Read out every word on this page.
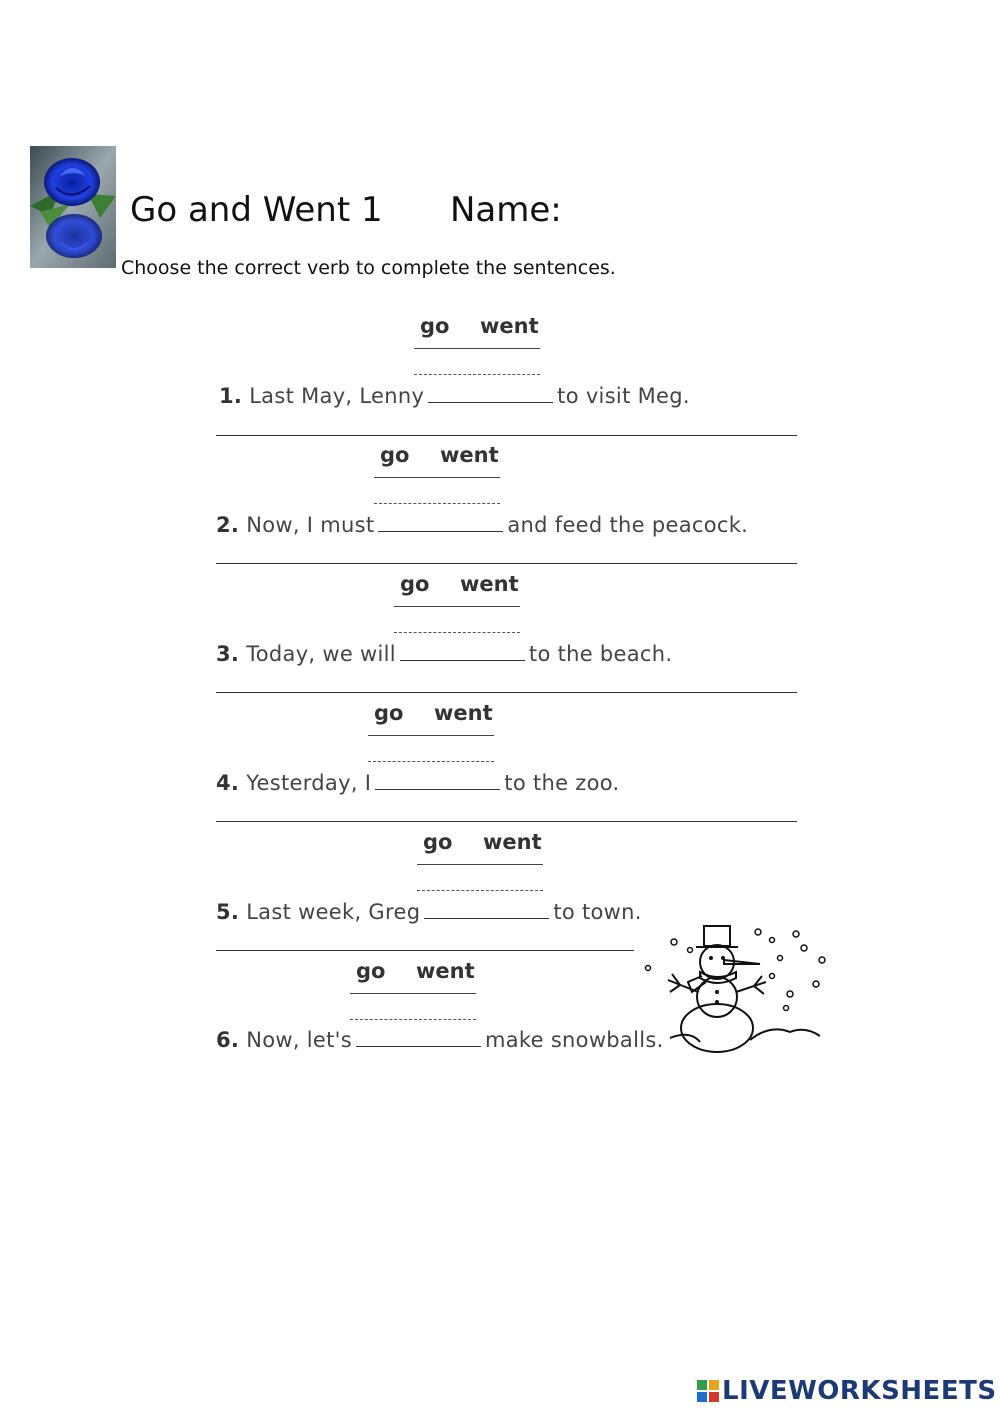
Go and Went 1 Name:
Choose the correct verb to complete the sentences.
go went
1. Last May, Lenny	to visit Meg.
go went
2. Now, I must	and feed the peacock.
go went
3. Today, we will	to the beach.
go went
4. Yesterday, I	to the zoo.
go went
5. Last week, Greg	to town.
go went
6. Now, let's	make snowballs.
LIVEWORKSHEETS
